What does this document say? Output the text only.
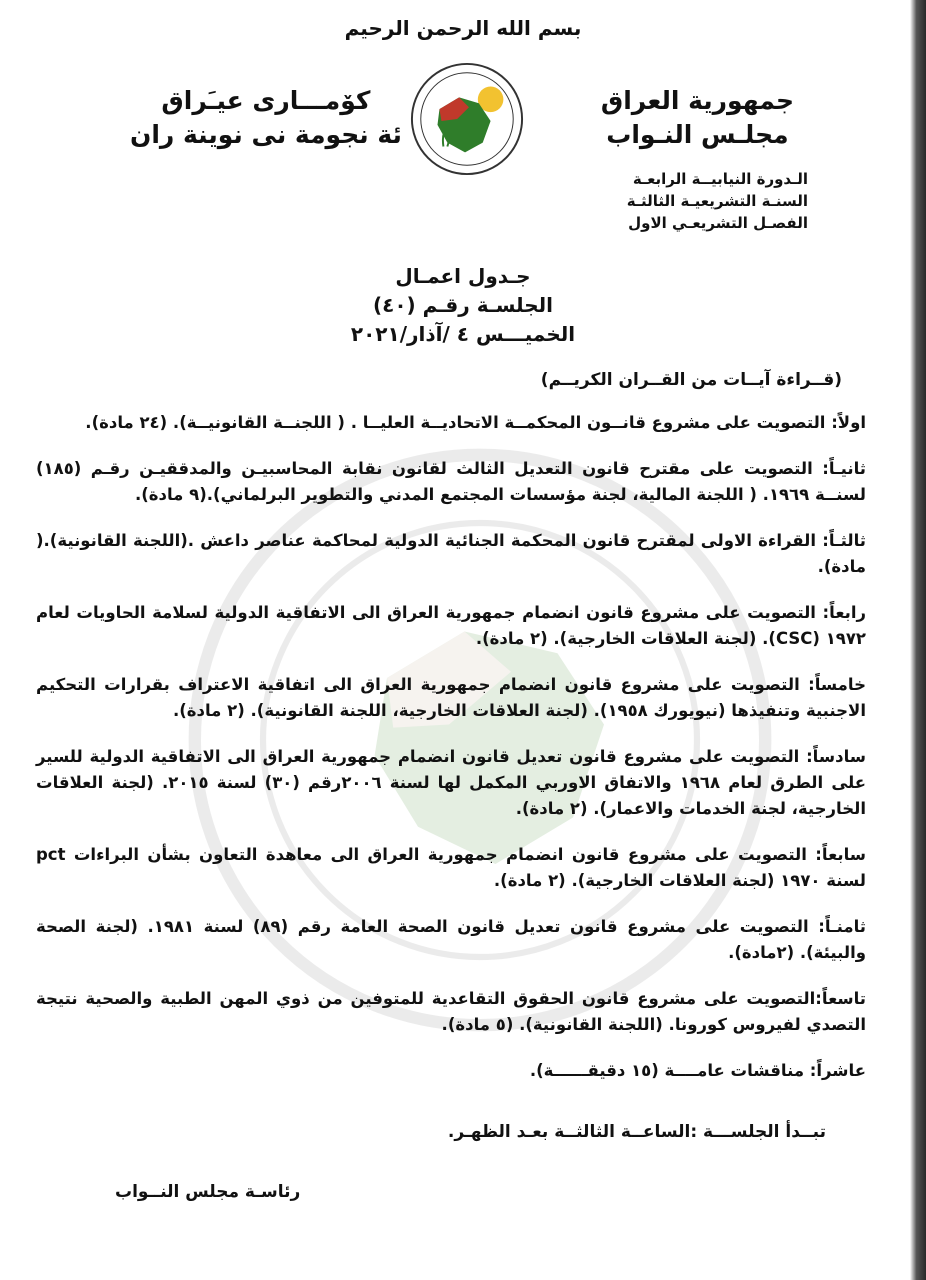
بسم الله الرحمن الرحيم
جمهورية العراق
مجلـس النـواب
كۆمـــارى عيـَراق
ئة نجومة نى نوينة ران
الـدورة النيابيــة الرابعـة
السنـة التشريعيـة الثالثـة
الفصـل التشريعـي الاول
جـدول اعمـال
الجلسـة رقـم (٤٠)
الخميـــس ٤ /آذار/٢٠٢١
(قــراءة آيــات من القــران الكريــم)
اولاً: التصويت على مشروع قانــون المحكمــة الاتحاديــة العليــا . ( اللجنــة القانونيــة). (٢٤ مادة).
ثانيـاً: التصويت على مقترح قانون التعديل الثالث لقانون نقابة المحاسبيـن والمدققيـن رقـم (١٨٥) لسنــة ١٩٦٩. ( اللجنة المالية، لجنة مؤسسات المجتمع المدني والتطوير البرلماني).(٩ مادة).
ثالثـاً: القراءة الاولى لمقترح قانون المحكمة الجنائية الدولية لمحاكمة عناصر داعش .(اللجنة القانونية).( مادة).
رابعاً: التصويت على مشروع قانون انضمام جمهورية العراق الى الاتفاقية الدولية لسلامة الحاويات لعام ١٩٧٢ (CSC). (لجنة العلاقات الخارجية). (٢ مادة).
خامساً: التصويت على مشروع قانون انضمام جمهورية العراق الى اتفاقية الاعتراف بقرارات التحكيم الاجنبية وتنفيذها (نيويورك ١٩٥٨). (لجنة العلاقات الخارجية، اللجنة القانونية). (٢ مادة).
سادساً: التصويت على مشروع قانون تعديل قانون انضمام جمهورية العراق الى الاتفاقية الدولية للسير على الطرق لعام ١٩٦٨ والاتفاق الاوربي المكمل لها لسنة ٢٠٠٦رقم (٣٠) لسنة ٢٠١٥. (لجنة العلاقات الخارجية، لجنة الخدمات والاعمار). (٢ مادة).
سابعاً: التصويت على مشروع قانون انضمام جمهورية العراق الى معاهدة التعاون بشأن البراءات pct لسنة ١٩٧٠ (لجنة العلاقات الخارجية). (٢ مادة).
ثامنـاً: التصويت على مشروع قانون تعديل قانون الصحة العامة رقم (٨٩) لسنة ١٩٨١. (لجنة الصحة والبيئة). (٢مادة).
تاسعاً:التصويت على مشروع قانون الحقوق التقاعدية للمتوفين من ذوي المهن الطبية والصحية نتيجة التصدي لفيروس كورونا. (اللجنة القانونية). (٥ مادة).
عاشراً: مناقشات عامــــة (١٥ دقيقــــــة).
تبــدأ الجلســـة :الساعــة الثالثــة بعـد الظهـر.
رئاسـة مجلس النــواب
